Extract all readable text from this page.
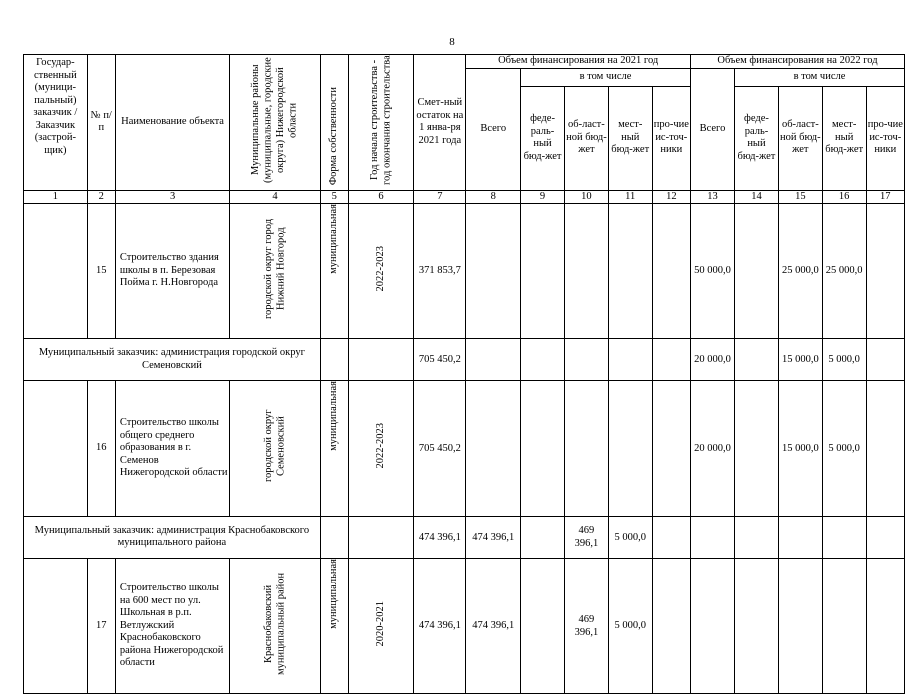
8
Государ-ственный (муници-пальный) заказчик / Заказчик (застрой-щик)	№ п/п	Наименование объекта	Муниципальные районы (муниципальные, городские округа) Нижегородской области	Форма собственности	Год начала строительства - год окончания строительства	Смет-ный остаток на 1 янва-ря 2021 года	Объем финансирования на 2021 год					Объем финансирования на 2022 год				
							Всего	в том числе				Всего	в том числе			
								феде-раль-ный бюд-жет	об-ласт-ной бюд-жет	мест-ный бюд-жет	про-чие ис-точ-ники		феде-раль-ный бюд-жет	об-ласт-ной бюд-жет	мест-ный бюд-жет	про-чие ис-точ-ники
1	2	3	4	5	6	7	8	9	10	11	12	13	14	15	16	17
	15	Строительство здания школы в п. Березовая Пойма г. Н.Новгорода	городской округ город Нижний Новгород	муниципальная	2022-2023	371 853,7						50 000,0		25 000,0	25 000,0	
Муниципальный заказчик: администрация городской округ Семеновский						705 450,2						20 000,0		15 000,0	5 000,0	
	16	Строительство школы общего среднего образования в г. Семенов Нижегородской области	городской округ Семеновский	муниципальная	2022-2023	705 450,2						20 000,0		15 000,0	5 000,0	
Муниципальный заказчик: администрация Краснобаковского муниципального района						474 396,1	474 396,1		469 396,1	5 000,0						
	17	Строительство школы на 600 мест по ул. Школьная в р.п. Ветлужский Краснобаковского района Нижегородской области	Краснобаковский муниципальный район	муниципальная	2020-2021	474 396,1	474 396,1		469 396,1	5 000,0						
